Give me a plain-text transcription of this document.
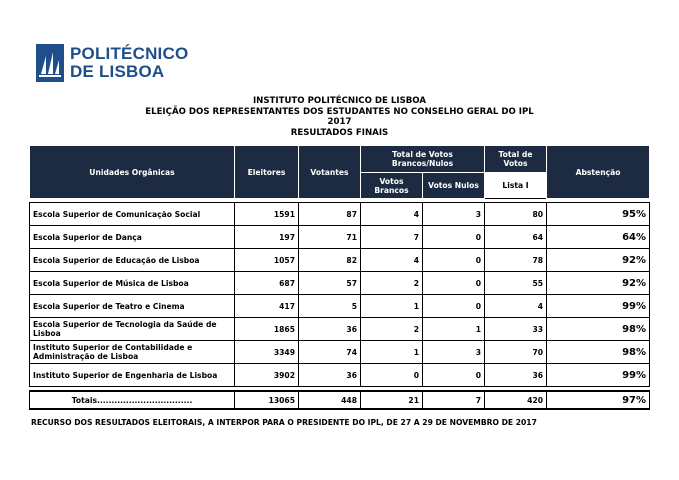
POLITÉCNICO
DE LISBOA
INSTITUTO POLITÉCNICO DE LISBOA
ELEIÇÃO DOS REPRESENTANTES DOS ESTUDANTES NO CONSELHO GERAL DO IPL
2017
RESULTADOS FINAIS
Unidades Orgânicas	Eleitores	Votantes	Total de Votos Brancos/Nulos		Total de Votos	Abstenção
			Votos Brancos	Votos Nulos	Lista I	

Escola Superior de Comunicação Social	1591	87	4	3	80	95%
Escola Superior de Dança	197	71	7	0	64	64%
Escola Superior de Educação de Lisboa	1057	82	4	0	78	92%
Escola Superior de Música de Lisboa	687	57	2	0	55	92%
Escola Superior de Teatro e Cinema	417	5	1	0	4	99%
Escola Superior de Tecnologia da Saúde de Lisboa	1865	36	2	1	33	98%
Instituto Superior de Contabilidade e Administração de Lisboa	3349	74	1	3	70	98%
Instituto Superior de Engenharia de Lisboa	3902	36	0	0	36	99%

Totais.................................	13065	448	21	7	420	97%
RECURSO DOS RESULTADOS ELEITORAIS, A INTERPOR PARA O PRESIDENTE DO IPL, DE 27 A 29 DE NOVEMBRO DE 2017
